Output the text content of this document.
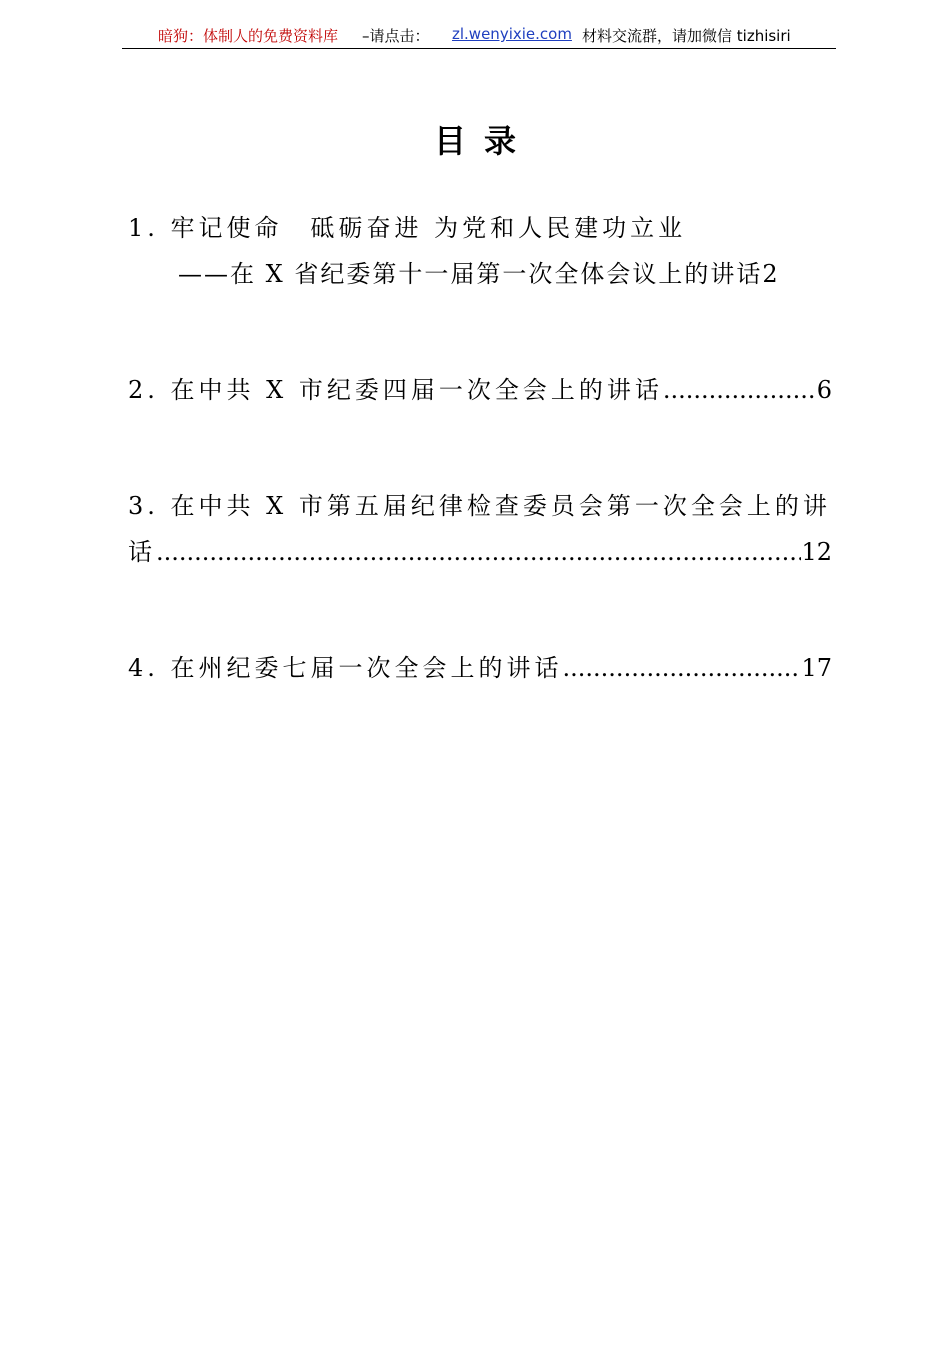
暗狗：体制人的免费资料库 –请点击： zl.wenyixie.com 材料交流群，请加微信 tizhisiri
目录
1. 牢记使命　砥砺奋进 为党和人民建功立业
——在 X 省纪委第十一届第一次全体会议上的讲话2
2. 在中共 X 市纪委四届一次全会上的讲话 .....	6
3. 在中共 X 市第五届纪律检查委员会第一次全会上的讲
话 .....	12
4. 在州纪委七届一次全会上的讲话 .....	17
